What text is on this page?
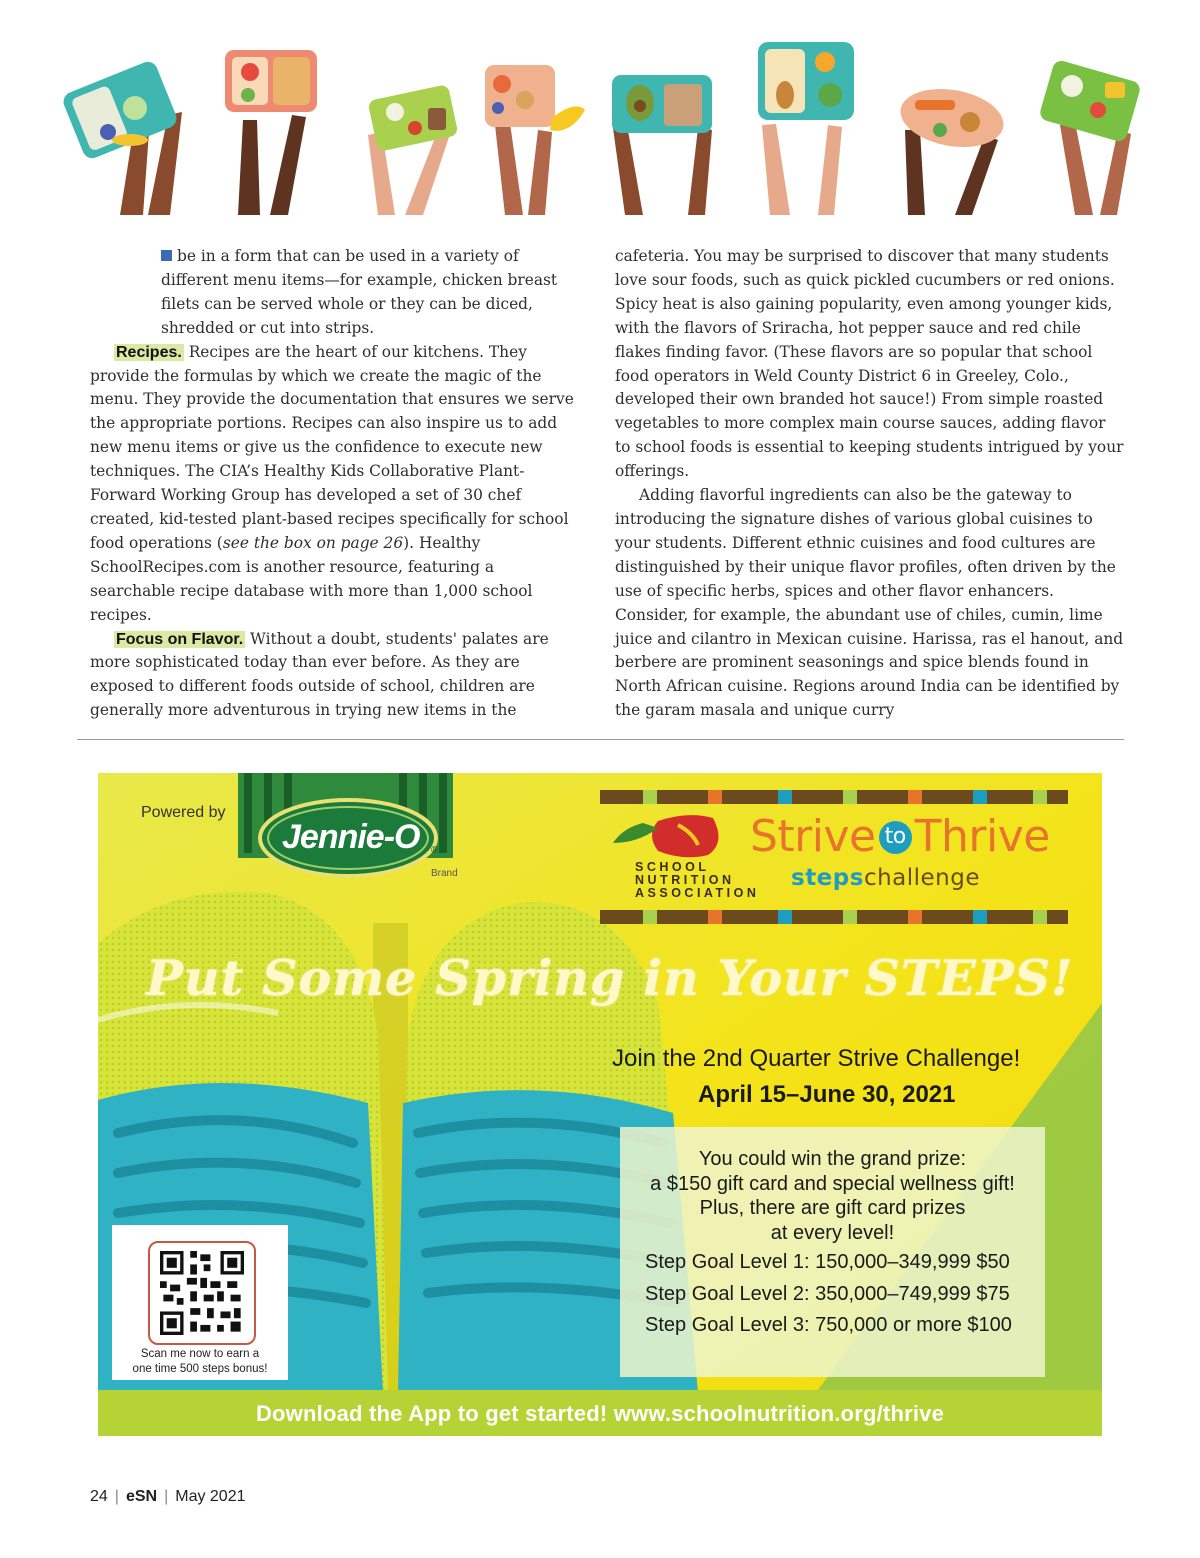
be in a form that can be used in a variety of different menu items—for example, chicken breast filets can be served whole or they can be diced, shredded or cut into strips.

Recipes. Recipes are the heart of our kitchens. They provide the formulas by which we create the magic of the menu. They provide the documentation that ensures we serve the appropriate portions. Recipes can also inspire us to add new menu items or give us the confidence to execute new techniques. The CIA’s Healthy Kids Collaborative Plant-Forward Working Group has developed a set of 30 chef created, kid-tested plant-based recipes specifically for school food operations (see the box on page 26). Healthy SchoolRecipes.com is another resource, featuring a searchable recipe database with more than 1,000 school recipes.

Focus on Flavor. Without a doubt, students' palates are more sophisticated today than ever before. As they are exposed to different foods outside of school, children are generally more adventurous in trying new items in the

cafeteria. You may be surprised to discover that many students love sour foods, such as quick pickled cucumbers or red onions. Spicy heat is also gaining popularity, even among younger kids, with the flavors of Sriracha, hot pepper sauce and red chile flakes finding favor. (These flavors are so popular that school food operators in Weld County District 6 in Greeley, Colo., developed their own branded hot sauce!) From simple roasted vegetables to more complex main course sauces, adding flavor to school foods is essential to keeping students intrigued by your offerings.

Adding flavorful ingredients can also be the gateway to introducing the signature dishes of various global cuisines to your students. Different ethnic cuisines and food cultures are distinguished by their unique flavor profiles, often driven by the use of specific herbs, spices and other flavor enhancers. Consider, for example, the abundant use of chiles, cumin, lime juice and cilantro in Mexican cuisine. Harissa, ras el hanout, and berbere are prominent seasonings and spice blends found in North African cuisine. Regions around India can be identified by the garam masala and unique curry

Powered by
Jennie-O ®
Brand	SCHOOL
NUTRITION
ASSOCIATION
Strive to Thrive
stepschallenge
Put Some Spring in Your STEPS!
Join the 2nd Quarter Strive Challenge!
April 15–June 30, 2021
You could win the grand prize:
a $150 gift card and special wellness gift!
Plus, there are gift card prizes
at every level!
Step Goal Level 1: 150,000–349,999 $50
Step Goal Level 2: 350,000–749,999 $75
Step Goal Level 3: 750,000 or more $100
Scan me now to earn a
one time 500 steps bonus!
Download the App to get started! www.schoolnutrition.org/thrive
24 | eSN | May 2021
